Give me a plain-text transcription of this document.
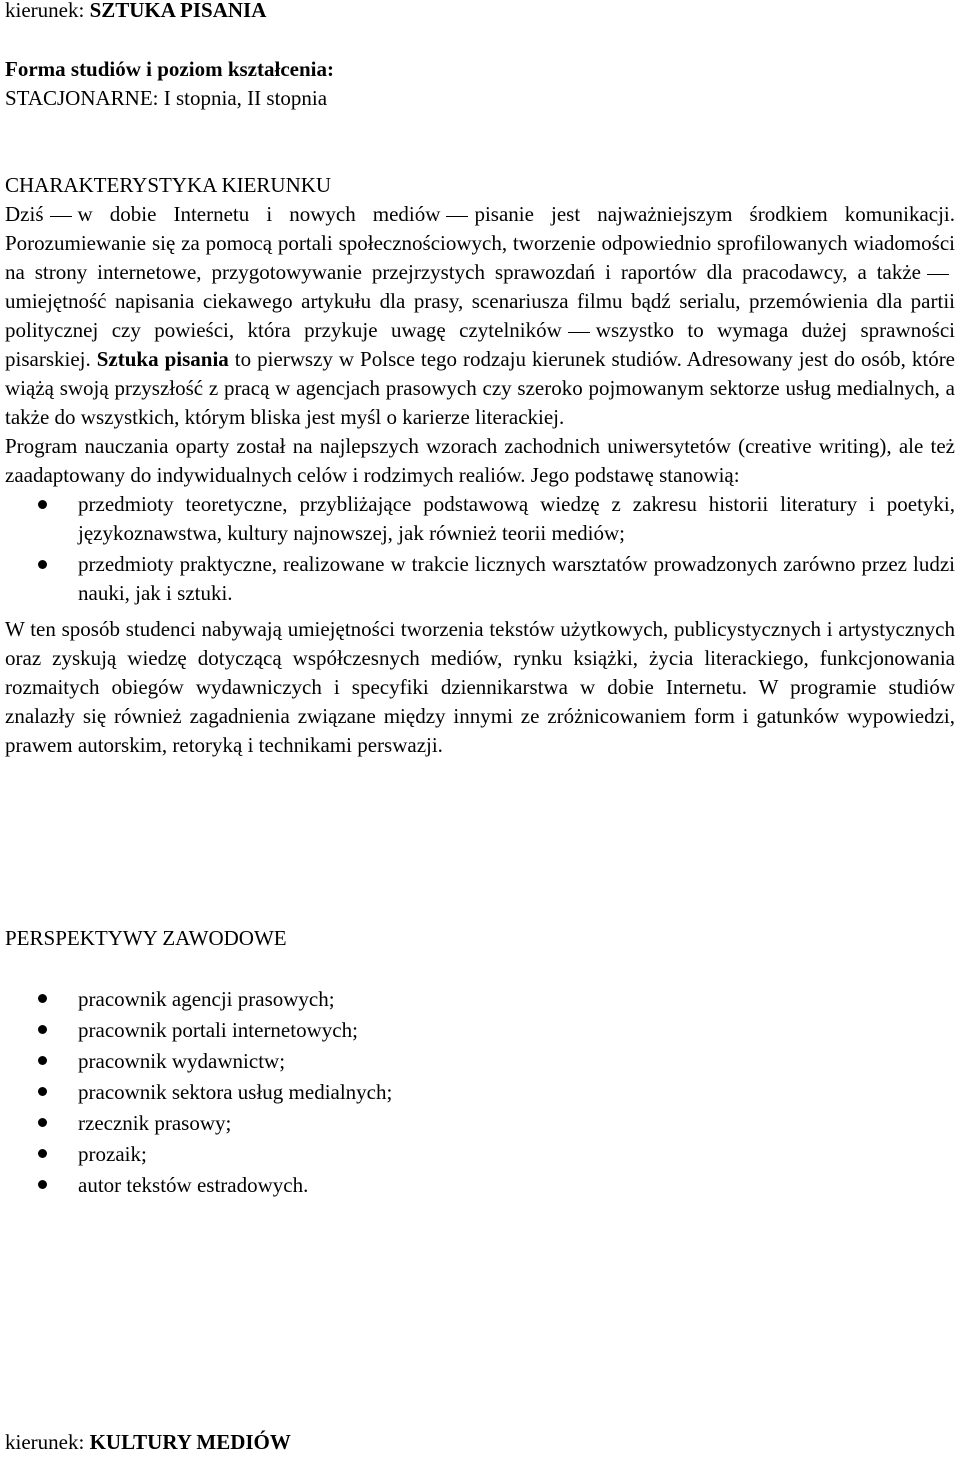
kierunek: SZTUKA PISANIA

Forma studiów i poziom kształcenia:

STACJONARNE: I stopnia, II stopnia

CHARAKTERYSTYKA KIERUNKU

Dziś w dobie Internetu i nowych mediów pisanie jest najważniejszym środkiem komunikacji. Porozumiewanie się za pomocą portali społecznościowych, tworzenie odpowiednio sprofilowanych wiadomości na strony internetowe, przygotowywanie przejrzystych sprawozdań i raportów dla pracodawcy, a takżeumiejętność napisania ciekawego artykułu dla prasy, scenariusza filmu bądź serialu, przemówienia dla partii politycznej czy powieści, która przykuje uwagę czytelników wszystko to wymaga dużej sprawności pisarskiej. Sztuka pisania to pierwszy w Polsce tego rodzaju kierunek studiów. Adresowany jest do osób, które wiążą swoją przyszłość z pracą w agencjach prasowych czy szeroko pojmowanym sektorze usług medialnych, a także do wszystkich, którym bliska jest myśl o karierze literackiej.

Program nauczania oparty został na najlepszych wzorach zachodnich uniwersytetów (creative writing), ale też zaadaptowany do indywidualnych celów i rodzimych realiów. Jego podstawę stanowią:

przedmioty teoretyczne, przybliżające podstawową wiedzę z zakresu historii literatury i poetyki, językoznawstwa, kultury najnowszej, jak również teorii mediów;
przedmioty praktyczne, realizowane w trakcie licznych warsztatów prowadzonych zarówno przez ludzi nauki, jak i sztuki.

W ten sposób studenci nabywają umiejętności tworzenia tekstów użytkowych, publicystycznych i artystycznych oraz zyskują wiedzę dotyczącą współczesnych mediów, rynku książki, życia literackiego, funkcjonowania rozmaitych obiegów wydawniczych i specyfiki dziennikarstwa w dobie Internetu. W programie studiów znalazły się również zagadnienia związane między innymi ze zróżnicowaniem form i gatunków wypowiedzi, prawem autorskim, retoryką i technikami perswazji.

PERSPEKTYWY ZAWODOWE

pracownik agencji prasowych;
pracownik portali internetowych;
pracownik wydawnictw;
pracownik sektora usług medialnych;
rzecznik prasowy;
prozaik;
autor tekstów estradowych.

kierunek: KULTURY MEDIÓW
